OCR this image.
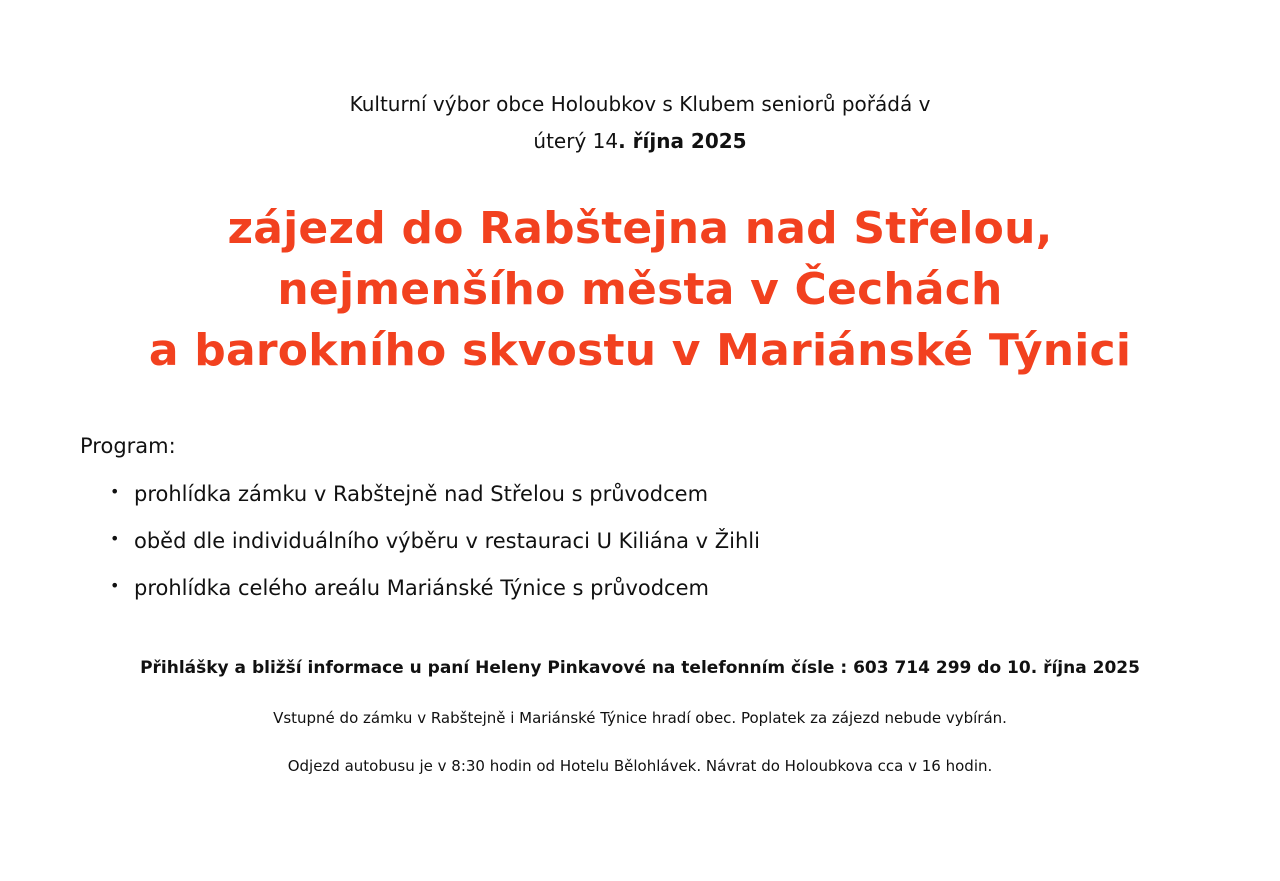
Kulturní výbor obce Holoubkov s Klubem seniorů pořádá v
úterý 14. října 2025
zájezd do Rabštejna nad Střelou,
nejmenšího města v Čechách
a barokního skvostu v Mariánské Týnici
Program:
• prohlídka zámku v Rabštejně nad Střelou s průvodcem
• oběd dle individuálního výběru v restauraci U Kiliána v Žihli
• prohlídka celého areálu Mariánské Týnice s průvodcem
Přihlášky a bližší informace u paní Heleny Pinkavové na telefonním čísle : 603 714 299 do 10. října 2025
Vstupné do zámku v Rabštejně i Mariánské Týnice hradí obec. Poplatek za zájezd nebude vybírán.
Odjezd autobusu je v 8:30 hodin od Hotelu Bělohlávek. Návrat do Holoubkova cca v 16 hodin.
